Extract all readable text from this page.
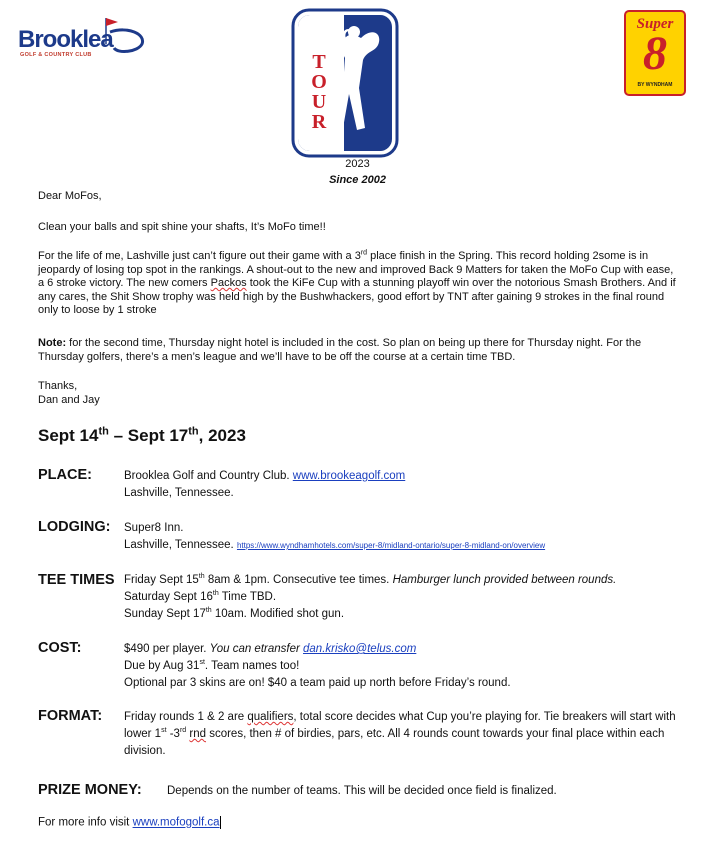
Brooklea
GOLF & COUNTRY CLUB
MOFO
TOUR
Super
8
BY WYNDHAM
2023
Since 2002
Dear MoFos,
Clean your balls and spit shine your shafts, It’s MoFo time!!
For the life of me, Lashville just can’t figure out their game with a 3rd place finish in the Spring. This record holding 2some is in jeopardy of losing top spot in the rankings. A shout-out to the new and improved Back 9 Matters for taken the MoFo Cup with ease, a 6 stroke victory. The new comers Packos took the KiFe Cup with a stunning playoff win over the notorious Smash Brothers. And if any cares, the Shit Show trophy was held high by the Bushwhackers, good effort by TNT after gaining 9 strokes in the final round only to loose by 1 stroke
Note: for the second time, Thursday night hotel is included in the cost. So plan on being up there for Thursday night. For the Thursday golfers, there’s a men’s league and we’ll have to be off the course at a certain time TBD.
Thanks,
Dan and Jay
Sept 14th – Sept 17th, 2023
PLACE:	Brooklea Golf and Country Club. www.brookeagolf.com
Lashville, Tennessee.
LODGING: Super8 Inn.
Lashville, Tennessee. https://www.wyndhamhotels.com/super-8/midland-ontario/super-8-midland-on/overview
TEE TIMES Friday Sept 15th 8am & 1pm. Consecutive tee times. Hamburger lunch provided between rounds.
Saturday Sept 16th Time TBD.
Sunday Sept 17th 10am. Modified shot gun.
COST:	$490 per player. You can etransfer dan.krisko@telus.com
Due by Aug 31st. Team names too!
Optional par 3 skins are on! $40 a team paid up north before Friday’s round.
FORMAT: Friday rounds 1 & 2 are qualifiers, total score decides what Cup you’re playing for. Tie breakers will start with lower 1st -3rd rnd scores, then # of birdies, pars, etc. All 4 rounds count towards your final place within each division.
PRIZE MONEY: Depends on the number of teams. This will be decided once field is finalized.
For more info visit www.mofogolf.ca
